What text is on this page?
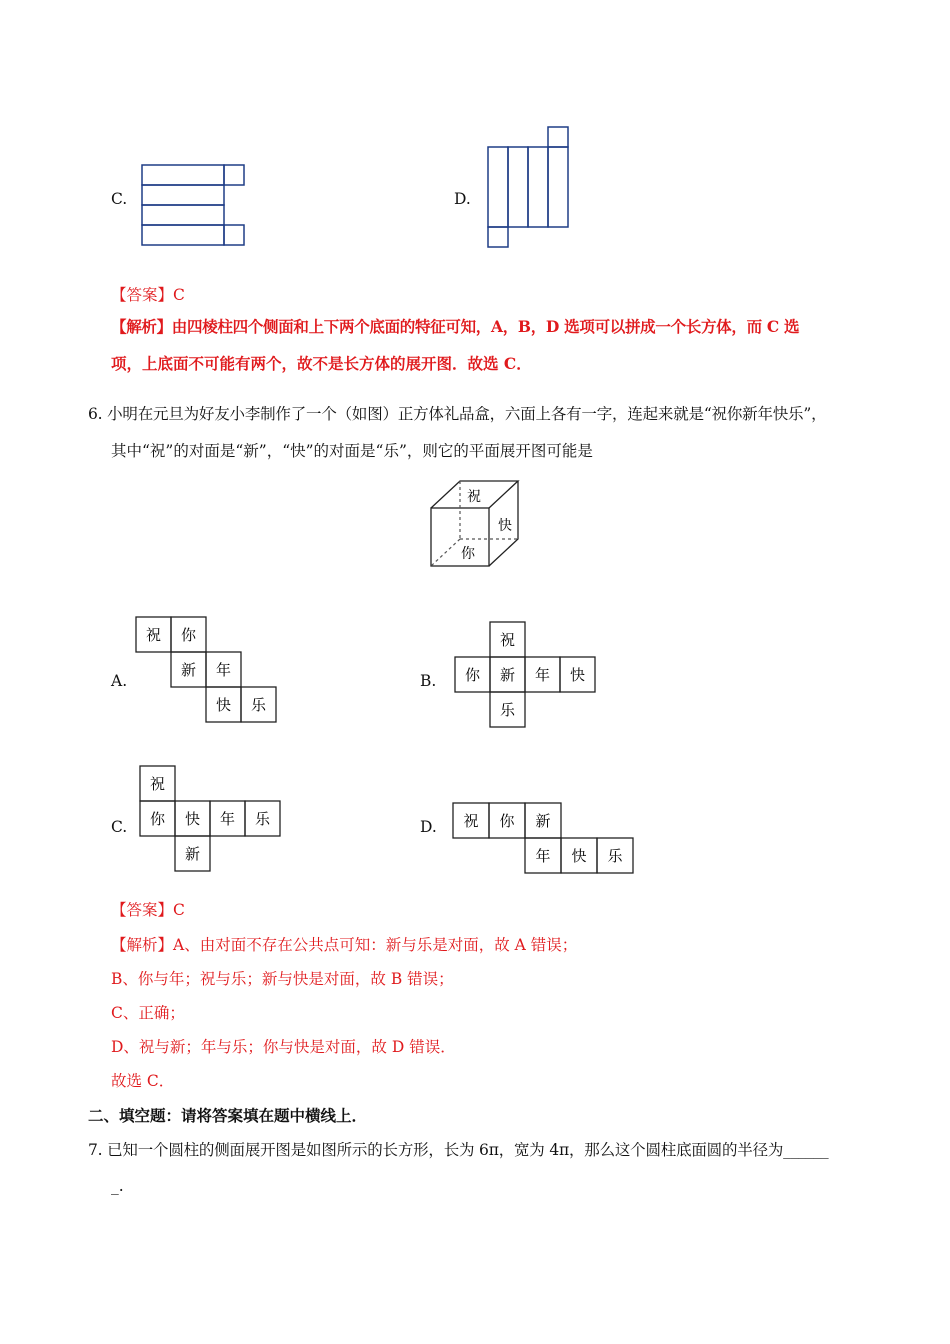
C.	D.
【答案】C
【解析】由四棱柱四个侧面和上下两个底面的特征可知，A，B，D 选项可以拼成一个长方体，而 C 选
项，上底面不可能有两个，故不是长方体的展开图．故选 C．
6. 小明在元旦为好友小李制作了一个（如图）正方体礼品盒，六面上各有一字，连起来就是“祝你新年快乐”，
其中“祝”的对面是“新”，“快”的对面是“乐”，则它的平面展开图可能是
祝
快
你
A.
祝 你
新 年
快 乐
B.
祝
你 新 年 快
乐
C.
祝
你 快 年 乐
新
D. 祝 你 新
年 快 乐
【答案】C
【解析】A、由对面不存在公共点可知：新与乐是对面，故 A 错误；
B、你与年；祝与乐；新与快是对面，故 B 错误；
C、正确；
D、祝与新；年与乐；你与快是对面，故 D 错误．
故选 C．
二、填空题：请将答案填在题中横线上．
7. 已知一个圆柱的侧面展开图是如图所示的长方形，长为 6π，宽为 4π，那么这个圆柱底面圆的半径为______
_.
